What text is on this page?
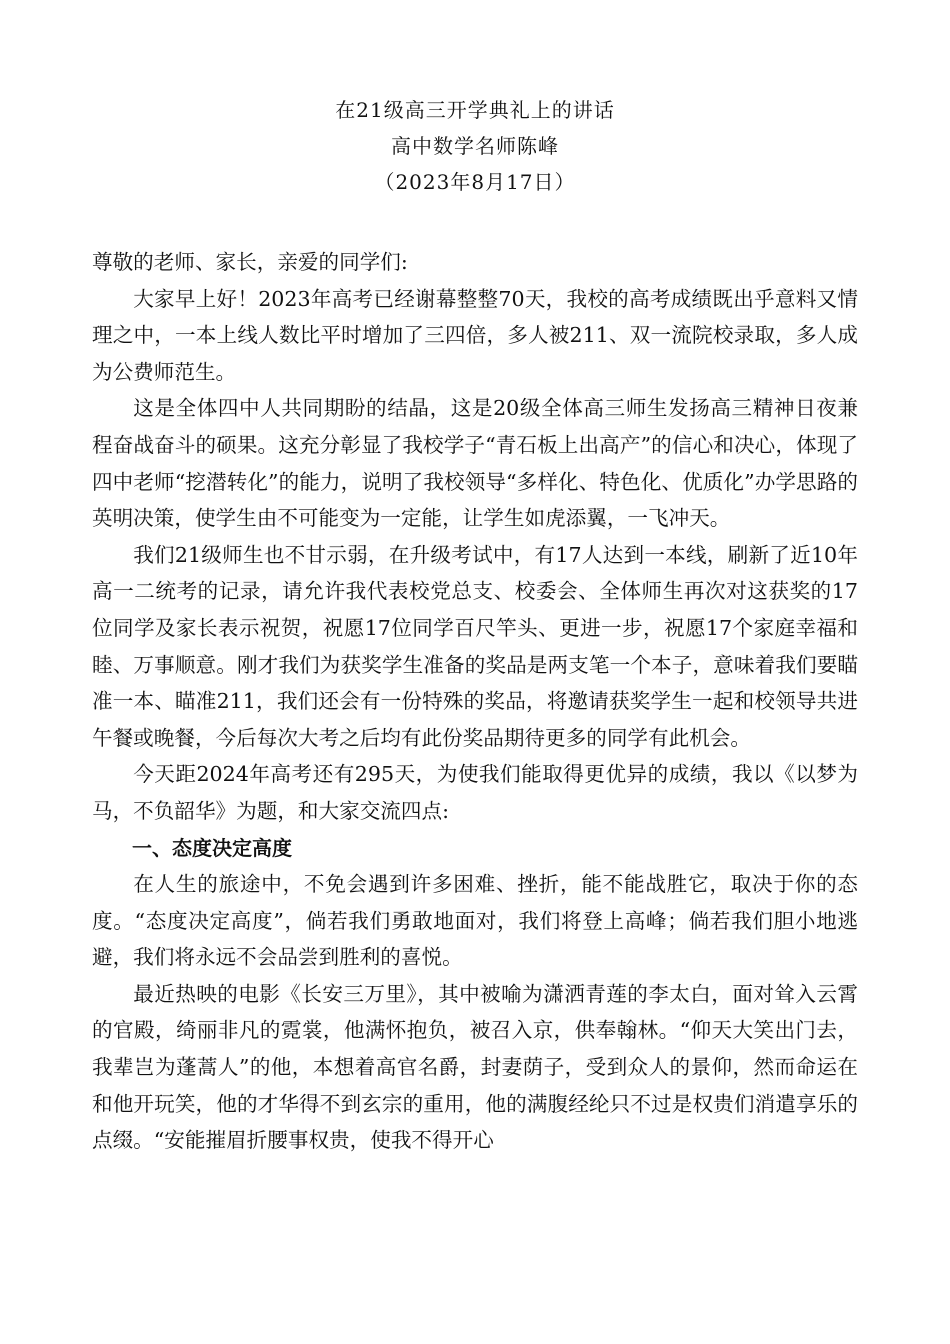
在21级高三开学典礼上的讲话
高中数学名师陈峰
（2023年8月17日）

尊敬的老师、家长，亲爱的同学们:

大家早上好！2023年高考已经谢幕整整70天，我校的高考成绩既出乎意料又情理之中，一本上线人数比平时增加了三四倍，多人被211、双一流院校录取，多人成为公费师范生。

这是全体四中人共同期盼的结晶，这是20级全体高三师生发扬高三精神日夜兼程奋战奋斗的硕果。这充分彰显了我校学子“青石板上出高产”的信心和决心，体现了四中老师“挖潜转化”的能力，说明了我校领导“多样化、特色化、优质化”办学思路的英明决策，使学生由不可能变为一定能，让学生如虎添翼，一飞冲天。

我们21级师生也不甘示弱，在升级考试中，有17人达到一本线，刷新了近10年高一二统考的记录，请允许我代表校党总支、校委会、全体师生再次对这获奖的17位同学及家长表示祝贺，祝愿17位同学百尺竿头、更进一步，祝愿17个家庭幸福和睦、万事顺意。刚才我们为获奖学生准备的奖品是两支笔一个本子，意味着我们要瞄准一本、瞄准211，我们还会有一份特殊的奖品，将邀请获奖学生一起和校领导共进午餐或晚餐，今后每次大考之后均有此份奖品期待更多的同学有此机会。

今天距2024年高考还有295天，为使我们能取得更优异的成绩，我以《以梦为马，不负韶华》为题，和大家交流四点:

一、态度决定高度

在人生的旅途中，不免会遇到许多困难、挫折，能不能战胜它，取决于你的态度。“态度决定高度”，倘若我们勇敢地面对，我们将登上高峰；倘若我们胆小地逃避，我们将永远不会品尝到胜利的喜悦。

最近热映的电影《长安三万里》，其中被喻为潇洒青莲的李太白，面对耸入云霄的官殿，绮丽非凡的霓裳，他满怀抱负，被召入京，供奉翰林。“仰天大笑出门去，我辈岂为蓬蒿人”的他，本想着高官名爵，封妻荫子，受到众人的景仰，然而命运在和他开玩笑，他的才华得不到玄宗的重用，他的满腹经纶只不过是权贵们消遣享乐的点缀。“安能摧眉折腰事权贵，使我不得开心
